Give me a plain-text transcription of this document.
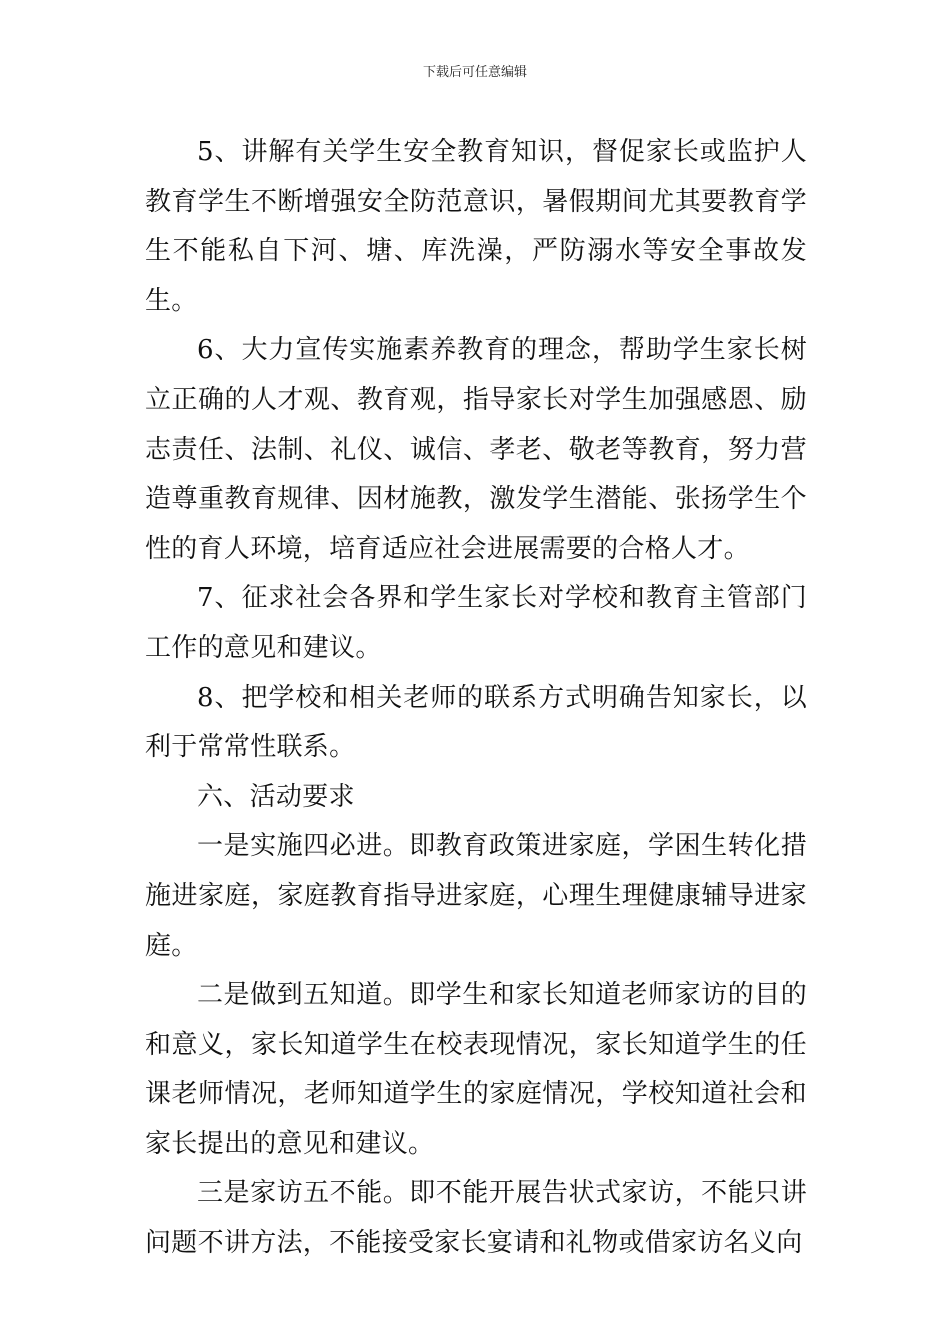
下载后可任意编辑

5、讲解有关学生安全教育知识，督促家长或监护人教育学生不断增强安全防范意识，暑假期间尤其要教育学生不能私自下河、塘、库洗澡，严防溺水等安全事故发生。

6、大力宣传实施素养教育的理念，帮助学生家长树立正确的人才观、教育观，指导家长对学生加强感恩、励志责任、法制、礼仪、诚信、孝老、敬老等教育，努力营造尊重教育规律、因材施教，激发学生潜能、张扬学生个性的育人环境，培育适应社会进展需要的合格人才。

7、征求社会各界和学生家长对学校和教育主管部门工作的意见和建议。

8、把学校和相关老师的联系方式明确告知家长，以利于常常性联系。

六、活动要求

一是实施四必进。即教育政策进家庭，学困生转化措施进家庭，家庭教育指导进家庭，心理生理健康辅导进家庭。

二是做到五知道。即学生和家长知道老师家访的目的和意义，家长知道学生在校表现情况，家长知道学生的任课老师情况，老师知道学生的家庭情况，学校知道社会和家长提出的意见和建议。

三是家访五不能。即不能开展告状式家访，不能只讲问题不讲方法，不能接受家长宴请和礼物或借家访名义向
